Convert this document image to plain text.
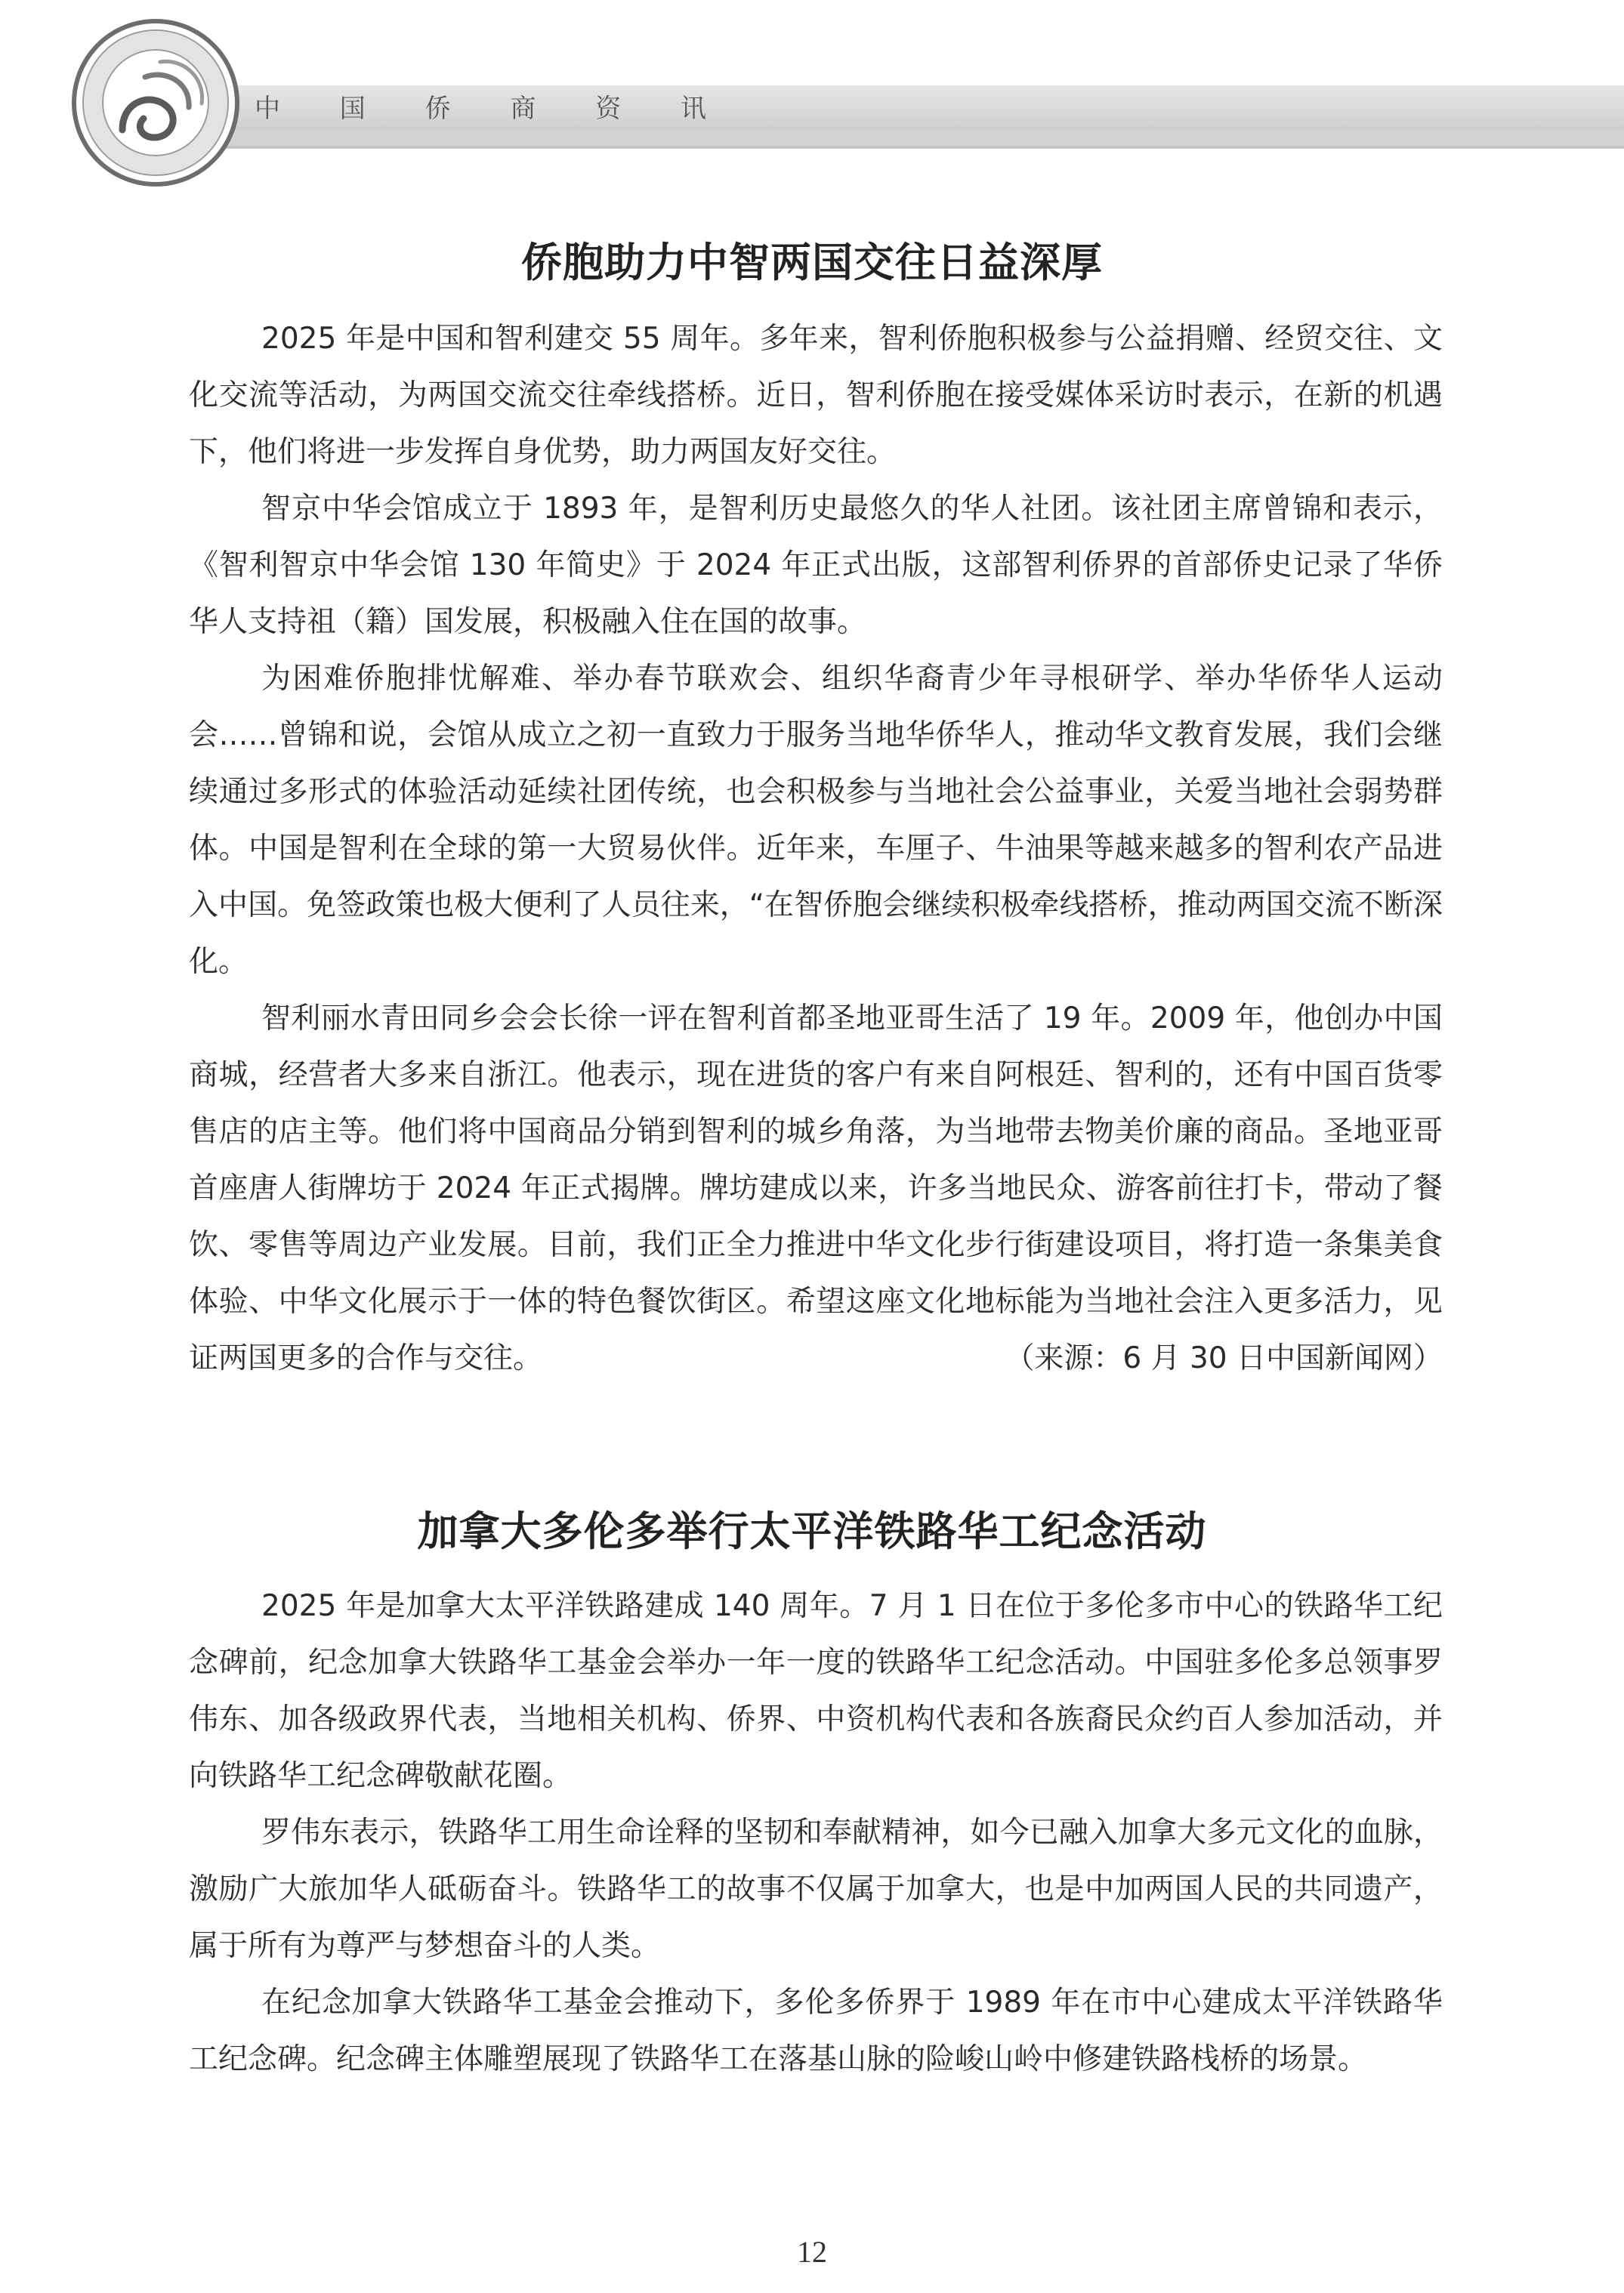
中 国 侨 商 资 讯
侨胞助力中智两国交往日益深厚

2025 年是中国和智利建交 55 周年。多年来，智利侨胞积极参与公益捐赠、经贸交往、文化交流等活动，为两国交流交往牵线搭桥。近日，智利侨胞在接受媒体采访时表示，在新的机遇下，他们将进一步发挥自身优势，助力两国友好交往。

智京中华会馆成立于 1893 年，是智利历史最悠久的华人社团。该社团主席曾锦和表示，《智利智京中华会馆 130 年简史》于 2024 年正式出版，这部智利侨界的首部侨史记录了华侨华人支持祖（籍）国发展，积极融入住在国的故事。

为困难侨胞排忧解难、举办春节联欢会、组织华裔青少年寻根研学、举办华侨华人运动会……曾锦和说，会馆从成立之初一直致力于服务当地华侨华人，推动华文教育发展，我们会继续通过多形式的体验活动延续社团传统，也会积极参与当地社会公益事业，关爱当地社会弱势群体。中国是智利在全球的第一大贸易伙伴。近年来，车厘子、牛油果等越来越多的智利农产品进入中国。免签政策也极大便利了人员往来，“在智侨胞会继续积极牵线搭桥，推动两国交流不断深化。

智利丽水青田同乡会会长徐一评在智利首都圣地亚哥生活了 19 年。2009 年，他创办中国商城，经营者大多来自浙江。他表示，现在进货的客户有来自阿根廷、智利的，还有中国百货零售店的店主等。他们将中国商品分销到智利的城乡角落，为当地带去物美价廉的商品。圣地亚哥首座唐人街牌坊于 2024 年正式揭牌。牌坊建成以来，许多当地民众、游客前往打卡，带动了餐饮、零售等周边产业发展。目前，我们正全力推进中华文化步行街建设项目，将打造一条集美食体验、中华文化展示于一体的特色餐饮街区。希望这座文化地标能为当地社会注入更多活力，见证两国更多的合作与交往。	（来源：6 月 30 日中国新闻网）
加拿大多伦多举行太平洋铁路华工纪念活动

2025 年是加拿大太平洋铁路建成 140 周年。7 月 1 日在位于多伦多市中心的铁路华工纪念碑前，纪念加拿大铁路华工基金会举办一年一度的铁路华工纪念活动。中国驻多伦多总领事罗伟东、加各级政界代表，当地相关机构、侨界、中资机构代表和各族裔民众约百人参加活动，并向铁路华工纪念碑敬献花圈。

罗伟东表示，铁路华工用生命诠释的坚韧和奉献精神，如今已融入加拿大多元文化的血脉，激励广大旅加华人砥砺奋斗。铁路华工的故事不仅属于加拿大，也是中加两国人民的共同遗产，属于所有为尊严与梦想奋斗的人类。

在纪念加拿大铁路华工基金会推动下，多伦多侨界于 1989 年在市中心建成太平洋铁路华工纪念碑。纪念碑主体雕塑展现了铁路华工在落基山脉的险峻山岭中修建铁路栈桥的场景。

12
